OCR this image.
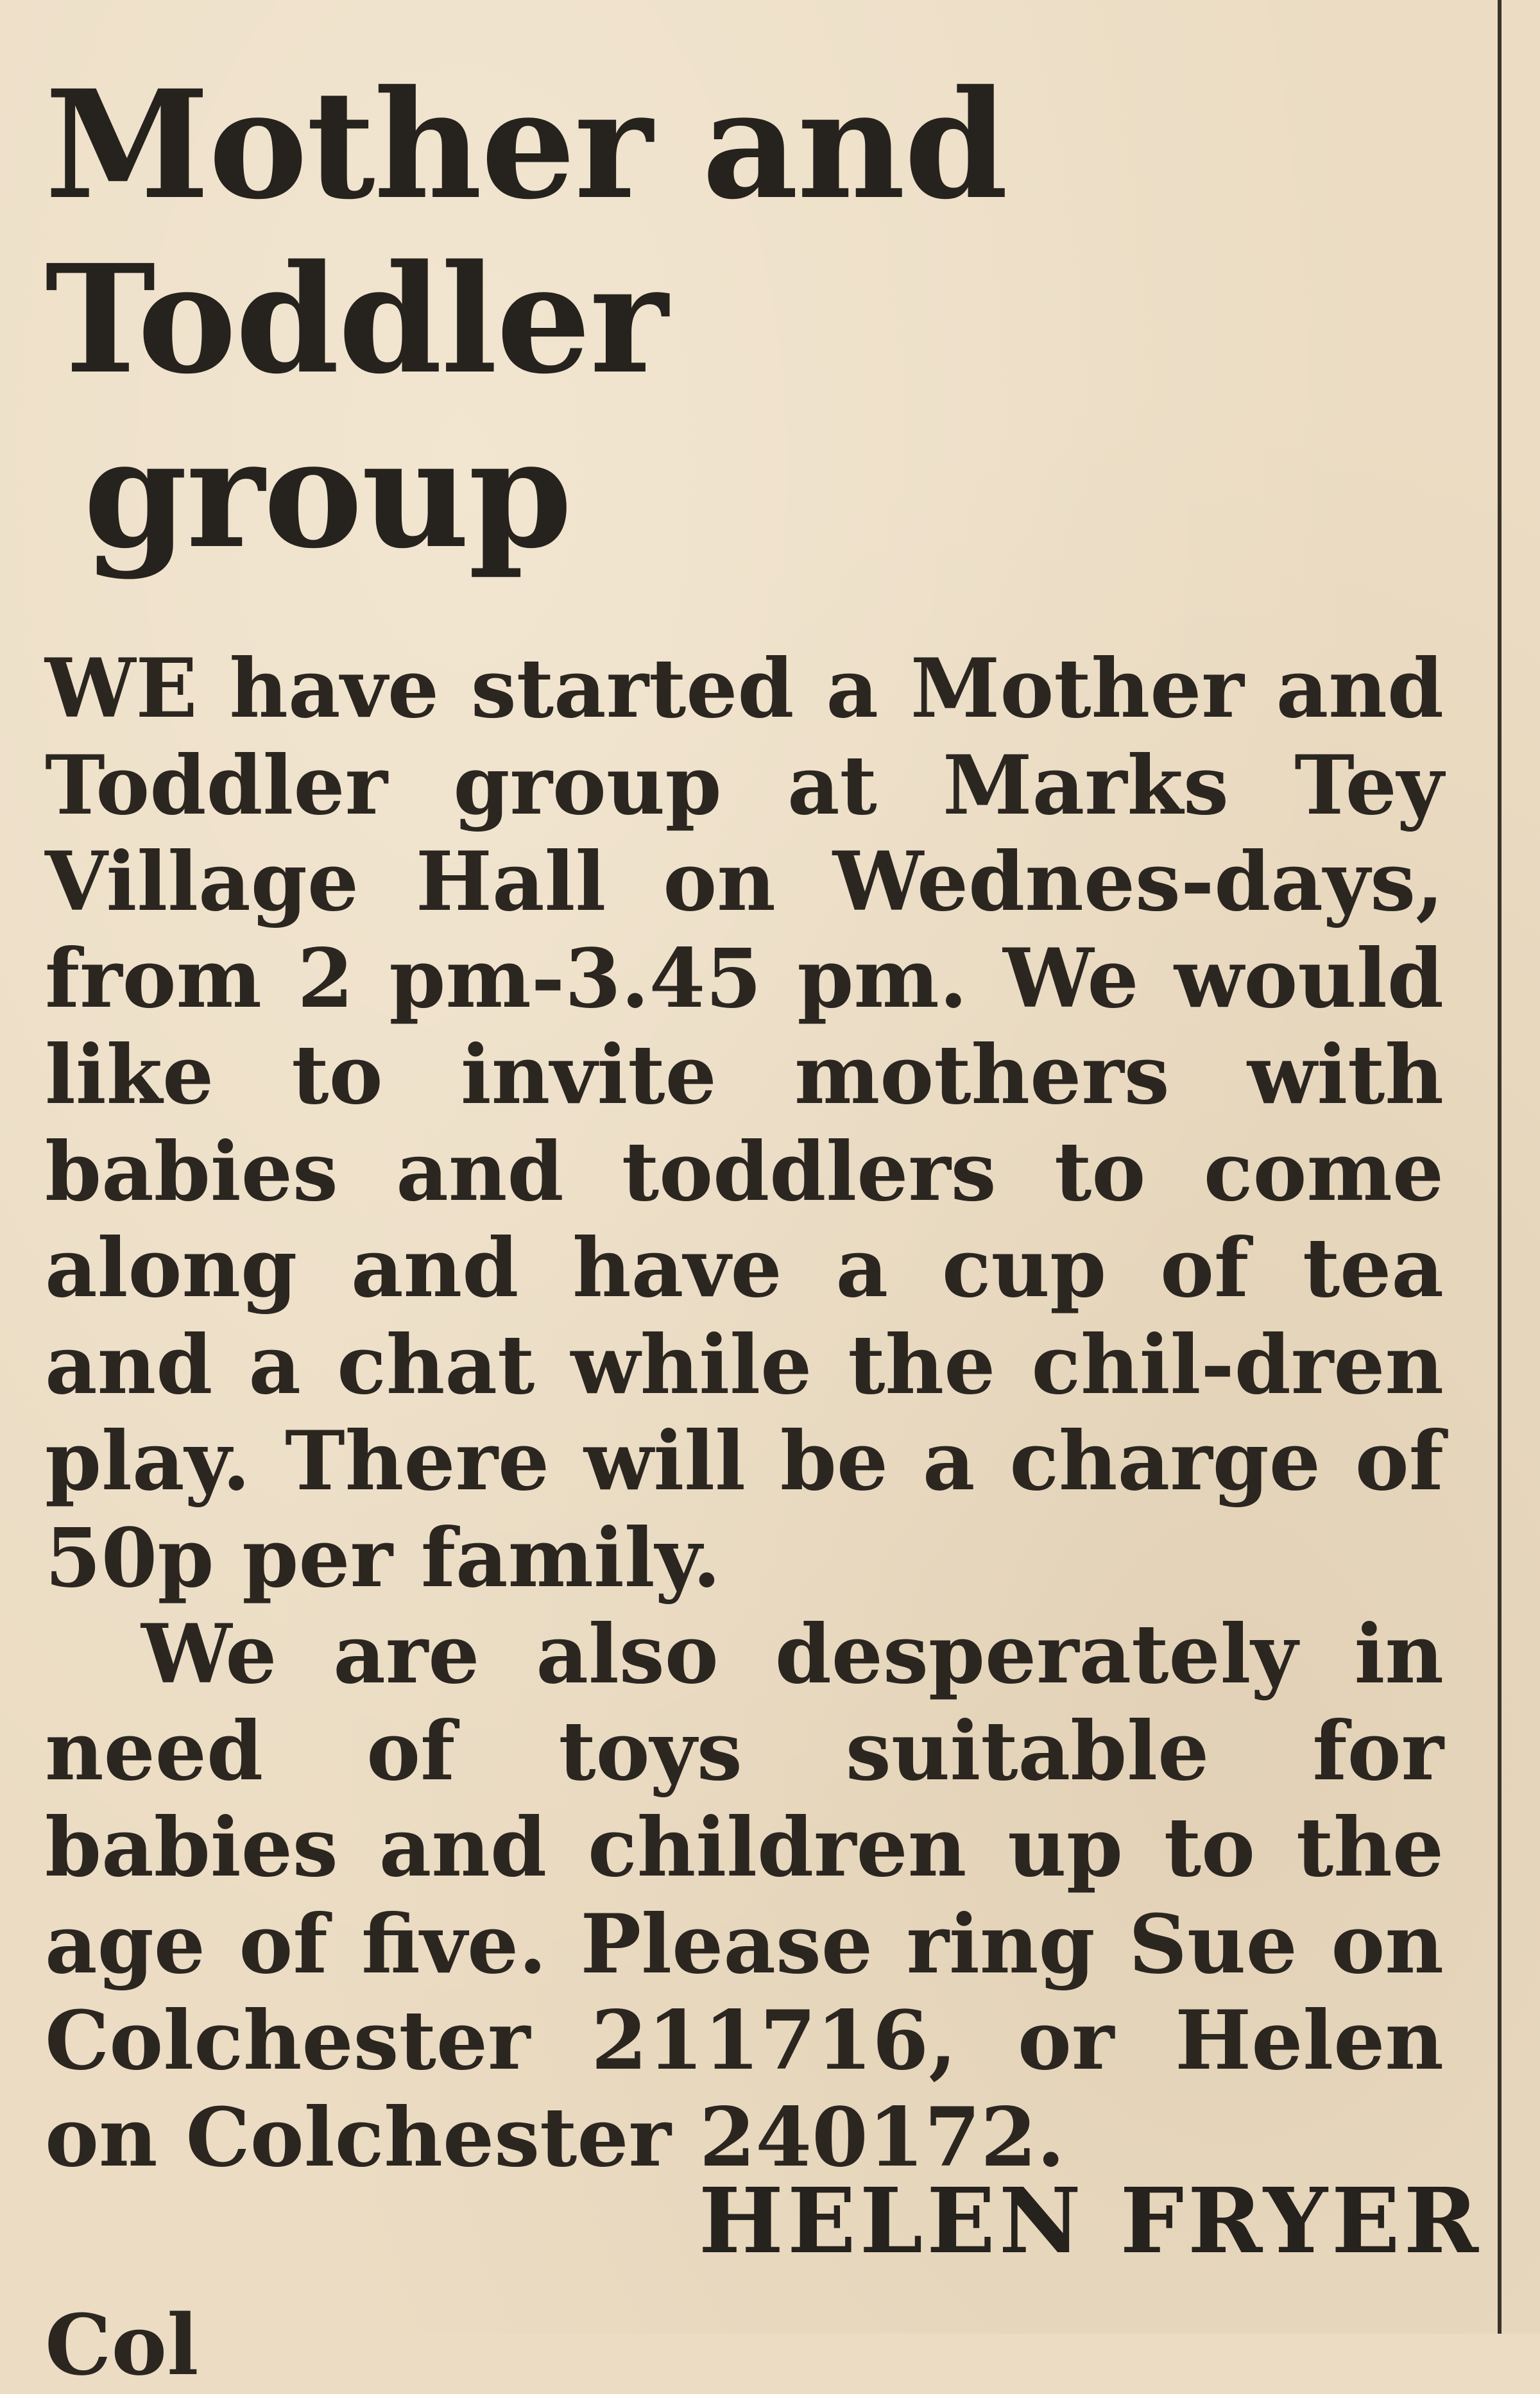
Mother and
Toddler
group

WE have started a Mother and Toddler group at Marks Tey Village Hall on Wednes-days, from 2 pm-3.45 pm. We would like to invite mothers with babies and toddlers to come along and have a cup of tea and a chat while the chil-dren play. There will be a charge of 50p per family.

We are also desperately in need of toys suitable for babies and children up to the age of five. Please ring Sue on Colchester 211716, or Helen on Colchester 240172.

HELEN FRYER
Col
